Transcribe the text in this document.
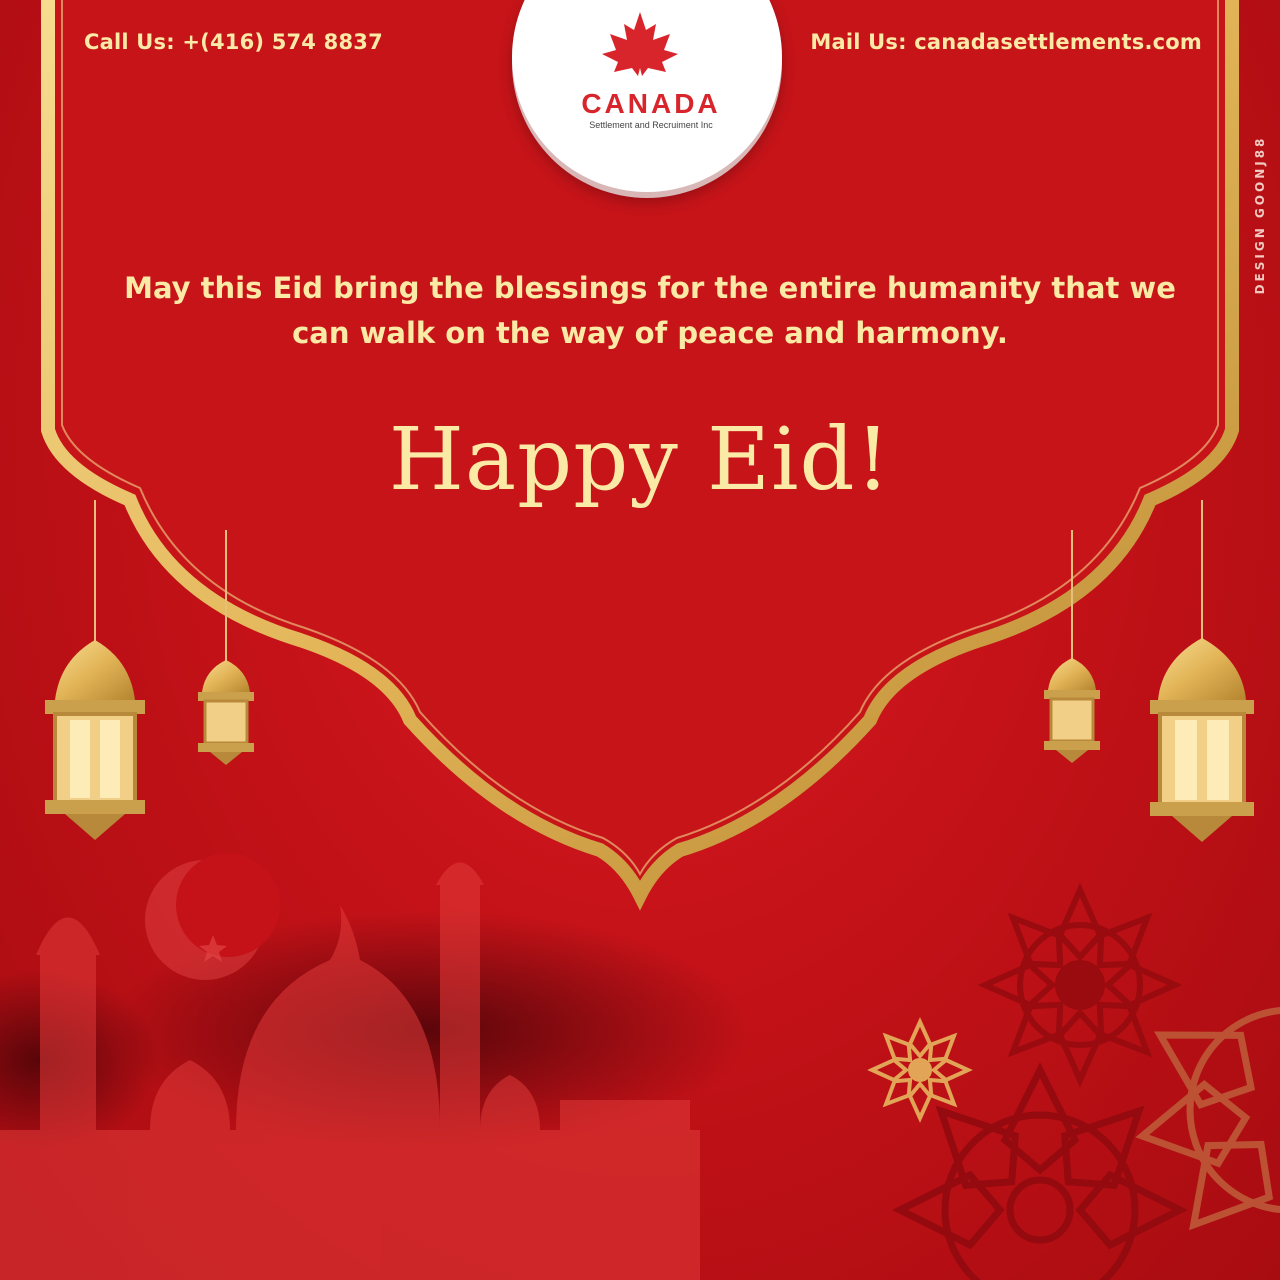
Call Us: +(416) 574 8837	Mail Us: canadasettlements.com
CANADA
Settlement and Recruiment Inc
DESIGN GOONJ88
May this Eid bring the blessings for the entire humanity that we can walk on the way of peace and harmony.
Happy Eid!
